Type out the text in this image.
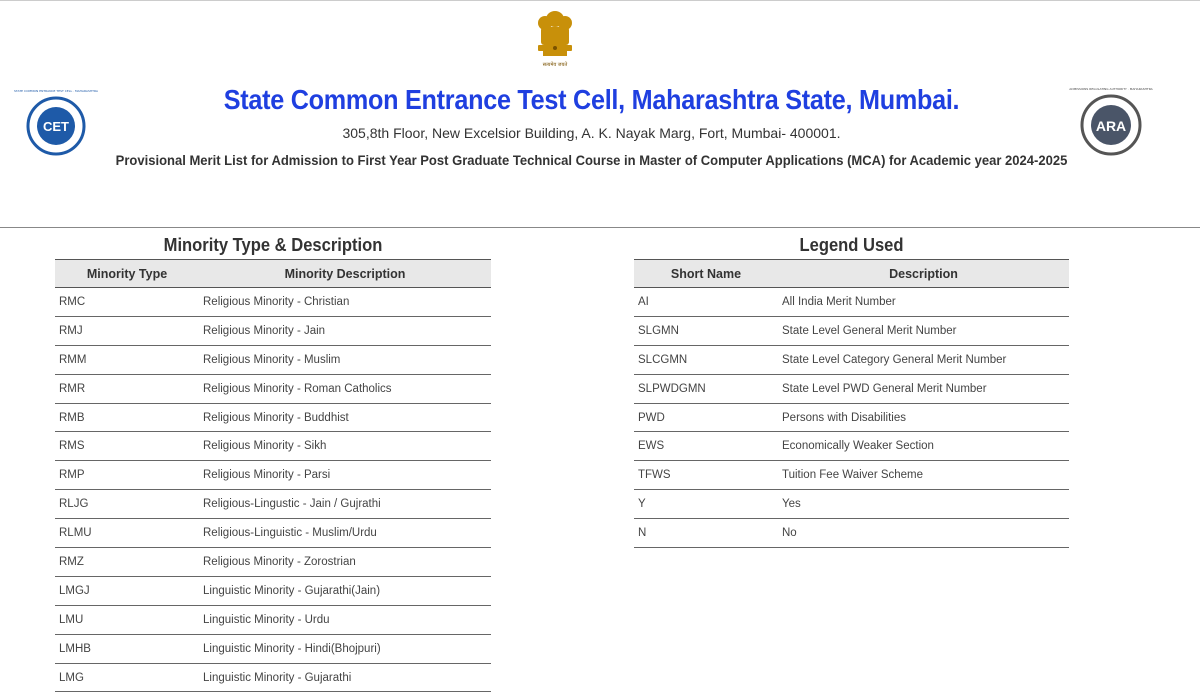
सत्यमेव जयते
CET
STATE COMMON ENTRANCE TEST CELL · MAHARASHTRA
ARA
ADMISSIONS REGULATING AUTHORITY · MAHARASHTRA
State Common Entrance Test Cell, Maharashtra State, Mumbai.
305,8th Floor, New Excelsior Building, A. K. Nayak Marg, Fort, Mumbai- 400001.
Provisional Merit List for Admission to First Year Post Graduate Technical Course in Master of Computer Applications (MCA) for Academic year 2024-2025
Minority Type & Description
Minority Type	Minority Description
RMC	Religious Minority - Christian
RMJ	Religious Minority - Jain
RMM	Religious Minority - Muslim
RMR	Religious Minority - Roman Catholics
RMB	Religious Minority - Buddhist
RMS	Religious Minority - Sikh
RMP	Religious Minority - Parsi
RLJG	Religious-Lingustic - Jain / Gujrathi
RLMU	Religious-Linguistic - Muslim/Urdu
RMZ	Religious Minority - Zorostrian
LMGJ	Linguistic Minority - Gujarathi(Jain)
LMU	Linguistic Minority - Urdu
LMHB	Linguistic Minority - Hindi(Bhojpuri)
LMG	Linguistic Minority - Gujarathi
Legend Used
Short Name	Description
AI	All India Merit Number
SLGMN	State Level General Merit Number
SLCGMN	State Level Category General Merit Number
SLPWDGMN	State Level PWD General Merit Number
PWD	Persons with Disabilities
EWS	Economically Weaker Section
TFWS	Tuition Fee Waiver Scheme
Y	Yes
N	No
